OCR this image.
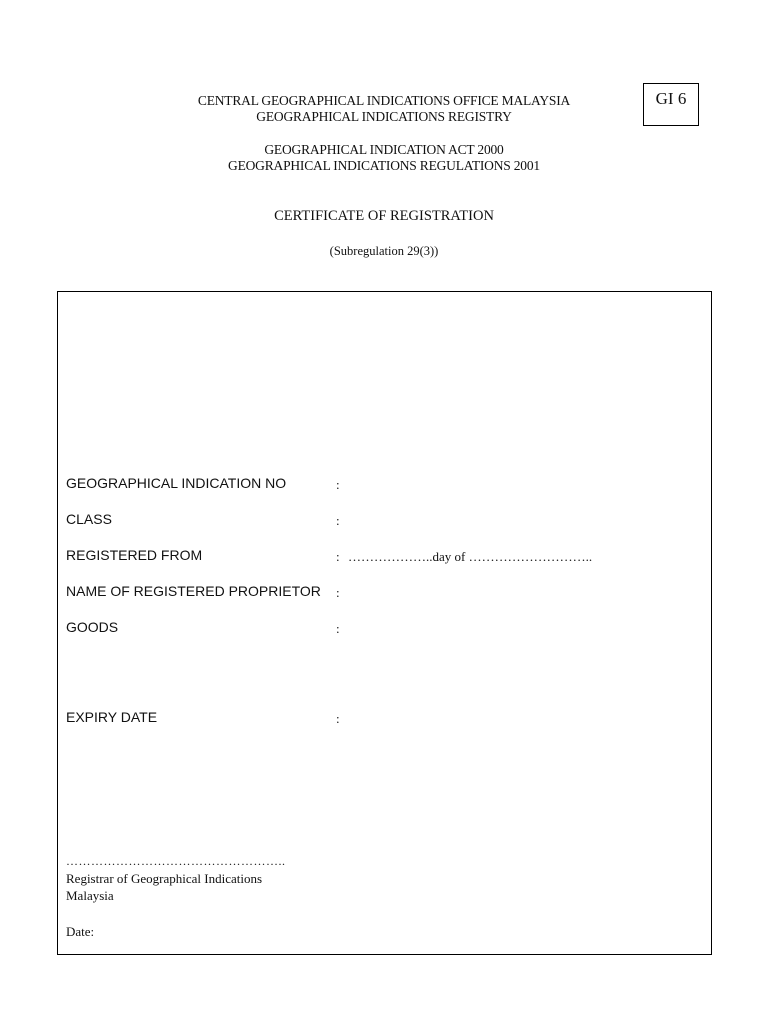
GI 6
CENTRAL GEOGRAPHICAL INDICATIONS OFFICE MALAYSIA
GEOGRAPHICAL INDICATIONS REGISTRY
GEOGRAPHICAL INDICATION ACT 2000
GEOGRAPHICAL INDICATIONS REGULATIONS 2001
CERTIFICATE OF REGISTRATION
(Subregulation 29(3))
GEOGRAPHICAL INDICATION NO	:
CLASS	:
REGISTERED FROM	: ………………..day of ………………………..
NAME OF REGISTERED PROPRIETOR :
GOODS	:
EXPIRY DATE	:
……………………………………………..
Registrar of Geographical Indications
Malaysia
Date:
